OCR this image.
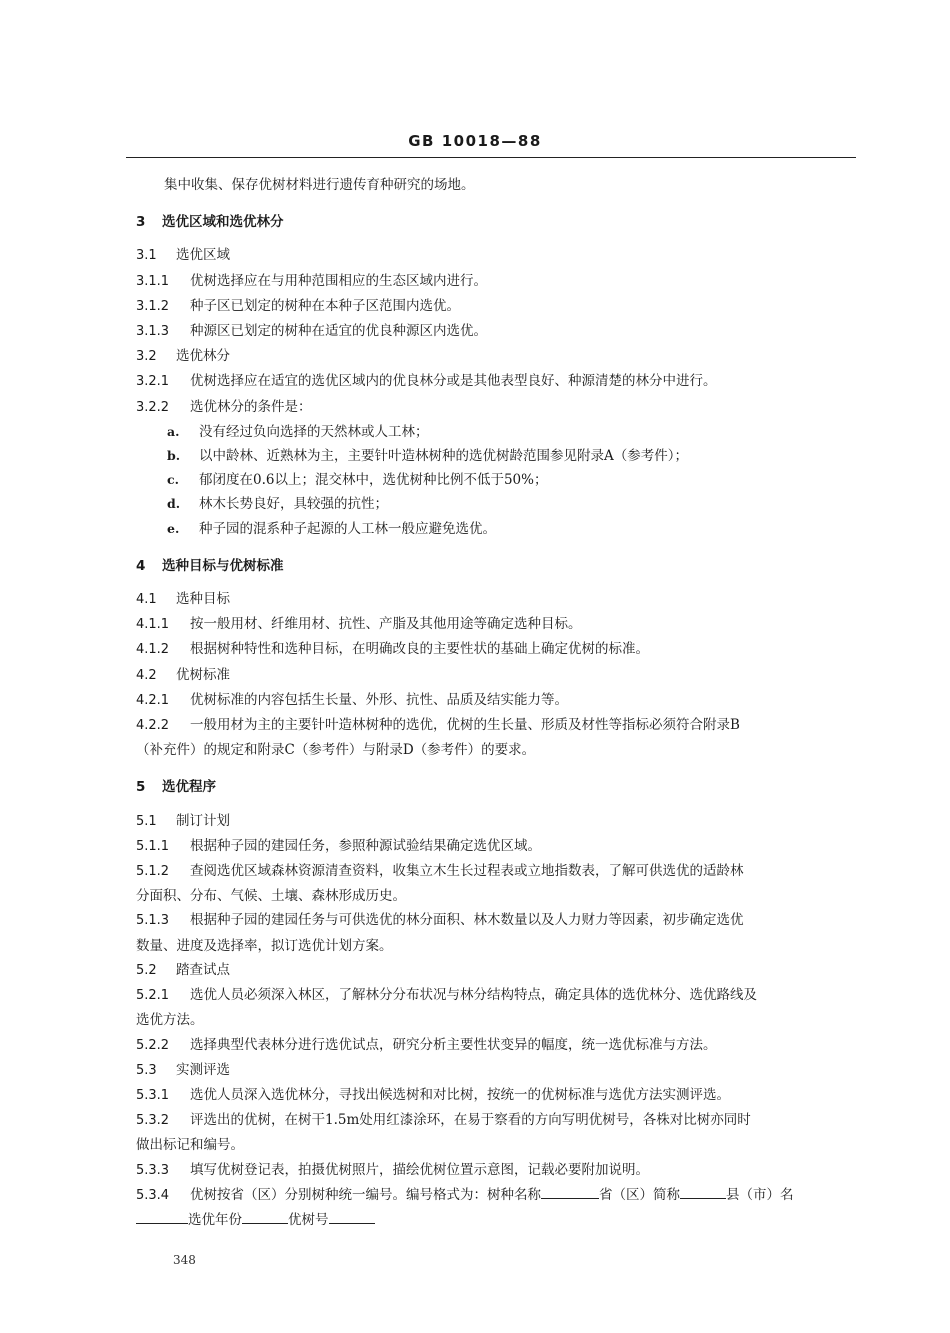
GB 10018—88
集中收集、保存优树材料进行遗传育种研究的场地。
3 选优区域和选优林分
3.1 选优区域
3.1.1 优树选择应在与用种范围相应的生态区域内进行。
3.1.2 种子区已划定的树种在本种子区范围内选优。
3.1.3 种源区已划定的树种在适宜的优良种源区内选优。
3.2 选优林分
3.2.1 优树选择应在适宜的选优区域内的优良林分或是其他表型良好、种源清楚的林分中进行。
3.2.2 选优林分的条件是：
a. 没有经过负向选择的天然林或人工林；
b. 以中龄林、近熟林为主，主要针叶造林树种的选优树龄范围参见附录A（参考件）；
c. 郁闭度在0.6以上；混交林中，选优树种比例不低于50%；
d. 林木长势良好，具较强的抗性；
e. 种子园的混系种子起源的人工林一般应避免选优。
4 选种目标与优树标准
4.1 选种目标
4.1.1 按一般用材、纤维用材、抗性、产脂及其他用途等确定选种目标。
4.1.2 根据树种特性和选种目标，在明确改良的主要性状的基础上确定优树的标准。
4.2 优树标准
4.2.1 优树标准的内容包括生长量、外形、抗性、品质及结实能力等。
4.2.2 一般用材为主的主要针叶造林树种的选优，优树的生长量、形质及材性等指标必须符合附录B
（补充件）的规定和附录C（参考件）与附录D（参考件）的要求。
5 选优程序
5.1 制订计划
5.1.1 根据种子园的建园任务，参照种源试验结果确定选优区域。
5.1.2 查阅选优区域森林资源清查资料，收集立木生长过程表或立地指数表，了解可供选优的适龄林
分面积、分布、气候、土壤、森林形成历史。
5.1.3 根据种子园的建园任务与可供选优的林分面积、林木数量以及人力财力等因素，初步确定选优
数量、进度及选择率，拟订选优计划方案。
5.2 踏查试点
5.2.1 选优人员必须深入林区，了解林分分布状况与林分结构特点，确定具体的选优林分、选优路线及
选优方法。
5.2.2 选择典型代表林分进行选优试点，研究分析主要性状变异的幅度，统一选优标准与方法。
5.3 实测评选
5.3.1 选优人员深入选优林分，寻找出候选树和对比树，按统一的优树标准与选优方法实测评选。
5.3.2 评选出的优树，在树干1.5m处用红漆涂环，在易于察看的方向写明优树号，各株对比树亦同时
做出标记和编号。
5.3.3 填写优树登记表，拍摄优树照片，描绘优树位置示意图，记载必要附加说明。
5.3.4 优树按省（区）分别树种统一编号。编号格式为：树种名称	省（区）简称	县（市）名
选优年份	优树号
348
